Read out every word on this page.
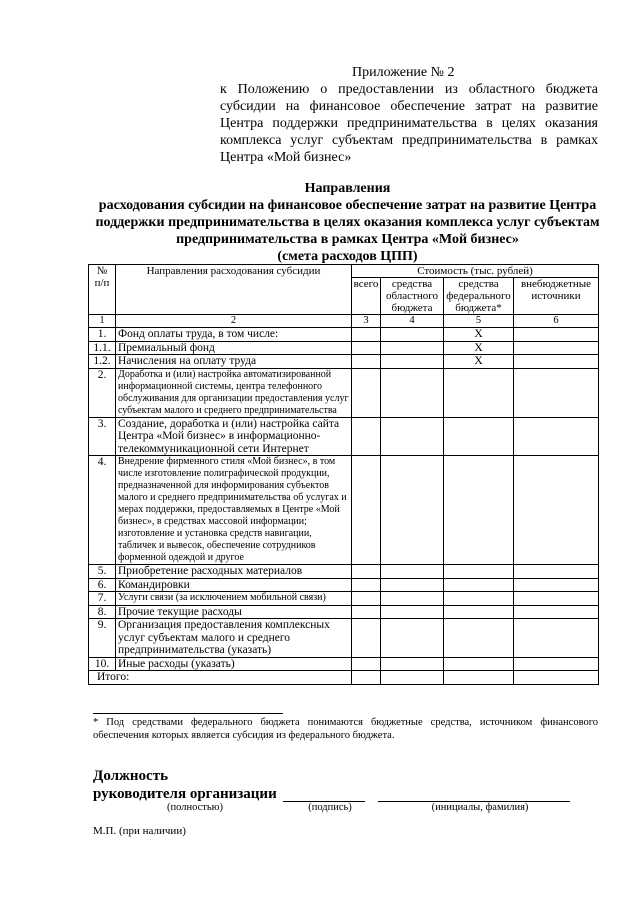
Приложение № 2
к Положению о предоставлении из областного бюджета субсидии на финансовое обеспечение затрат на развитие Центра поддержки предпринимательства в целях оказания комплекса услуг субъектам предпринимательства в рамках Центра «Мой бизнес»
Направления
расходования субсидии на финансовое обеспечение затрат на развитие Центра поддержки предпринимательства в целях оказания комплекса услуг субъектам предпринимательства в рамках Центра «Мой бизнес»
(смета расходов ЦПП)
№ п/п	Направления расходования субсидии	Стоимость (тыс. рублей)			
		всего	средства областного бюджета	средства федерального бюджета*	внебюджетные источники
1	2	3	4	5	6
1.	Фонд оплаты труда, в том числе:			X	
1.1.	Премиальный фонд			X	
1.2.	Начисления на оплату труда			X	
2.	Доработка и (или) настройка автоматизированной информационной системы, центра телефонного обслуживания для организации предоставления услуг субъектам малого и среднего предпринимательства				
3.	Создание, доработка и (или) настройка сайта Центра «Мой бизнес» в информационно-телекоммуникационной сети Интернет				
4.	Внедрение фирменного стиля «Мой бизнес», в том числе изготовление полиграфической продукции, предназначенной для информирования субъектов малого и среднего предпринимательства об услугах и мерах поддержки, предоставляемых в Центре «Мой бизнес», в средствах массовой информации; изготовление и установка средств навигации, табличек и вывесок, обеспечение сотрудников форменной одеждой и другое				
5.	Приобретение расходных материалов				
6.	Командировки				
7.	Услуги связи (за исключением мобильной связи)				
8.	Прочие текущие расходы				
9.	Организация предоставления комплексных услуг субъектам малого и среднего предпринимательства (указать)				
10.	Иные расходы (указать)				
Итого:					
* Под средствами федерального бюджета понимаются бюджетные средства, источником финансового обеспечения которых является субсидия из федерального бюджета.
Должность
руководителя организации
(полностью)	(подпись)	(инициалы, фамилия)
М.П. (при наличии)
